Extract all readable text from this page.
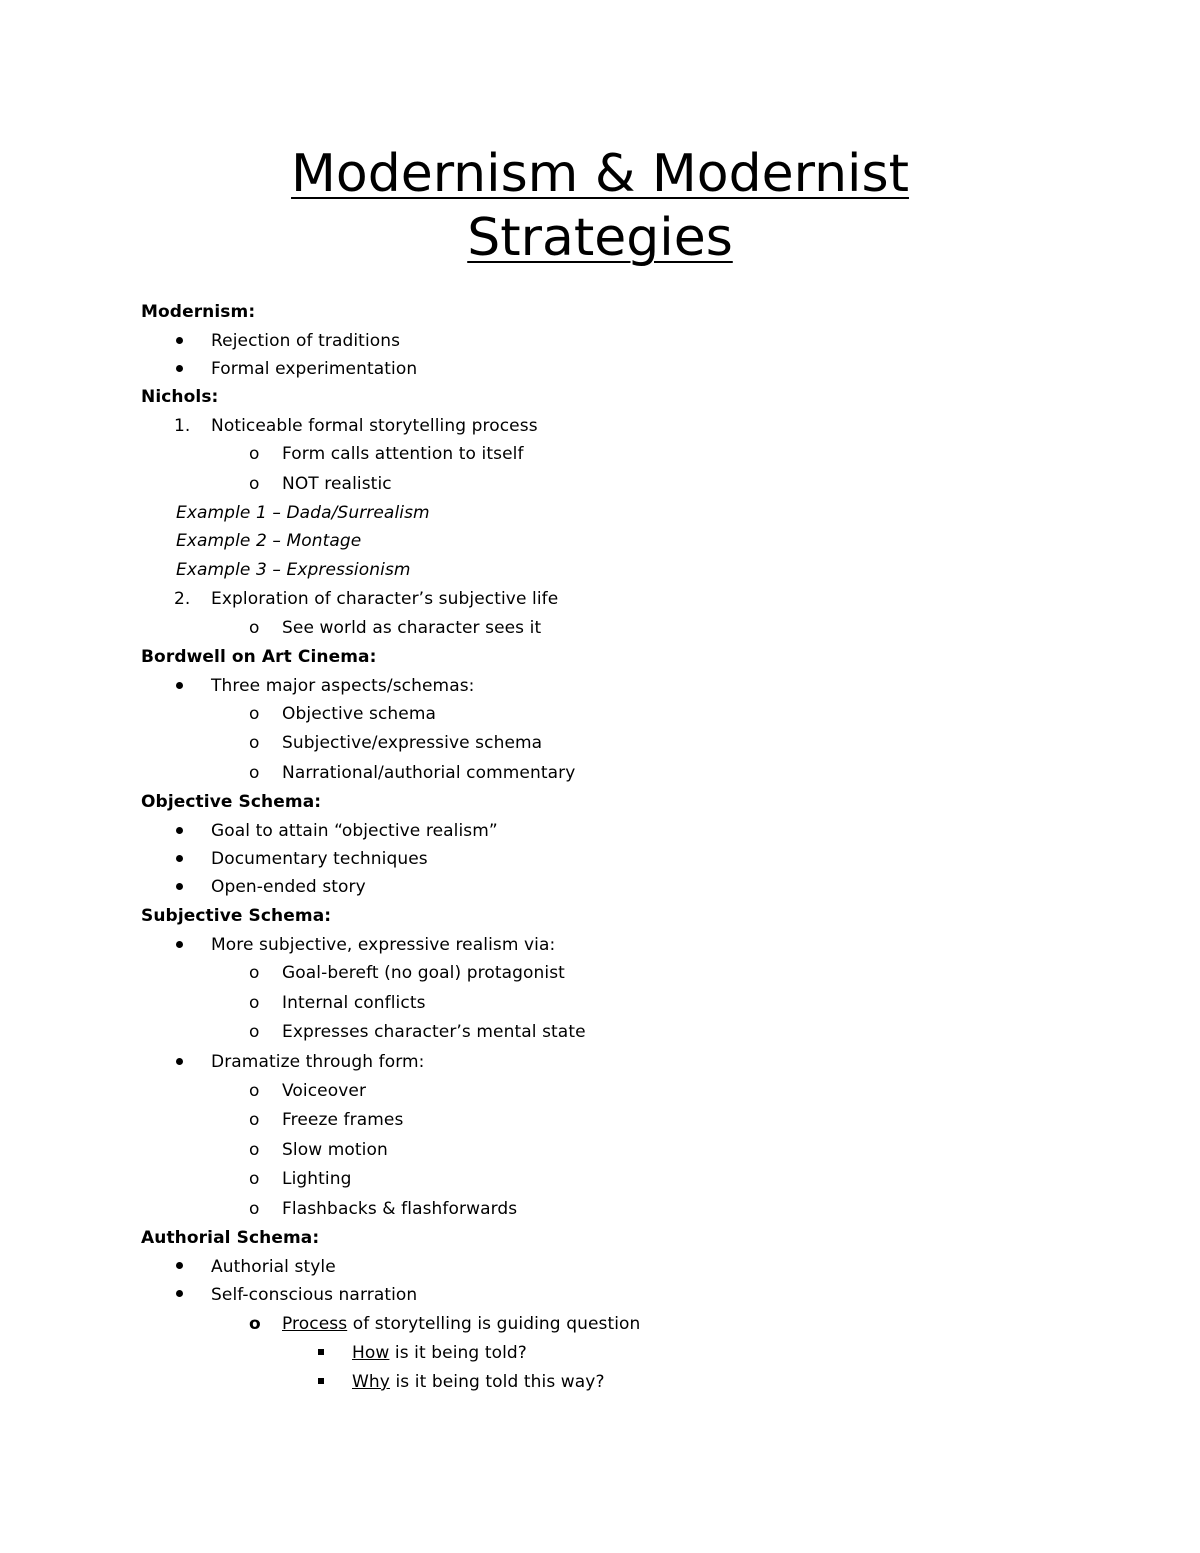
Modernism & Modernist
Strategies
Modernism:
Rejection of traditions
Formal experimentation
Nichols:
1. Noticeable formal storytelling process
o Form calls attention to itself
o NOT realistic
Example 1 – Dada/Surrealism
Example 2 – Montage
Example 3 – Expressionism
2. Exploration of character’s subjective life
o See world as character sees it
Bordwell on Art Cinema:
Three major aspects/schemas:
o Objective schema
o Subjective/expressive schema
o Narrational/authorial commentary
Objective Schema:
Goal to attain “objective realism”
Documentary techniques
Open-ended story
Subjective Schema:
More subjective, expressive realism via:
o Goal-bereft (no goal) protagonist
o Internal conflicts
o Expresses character’s mental state
Dramatize through form:
o Voiceover
o Freeze frames
o Slow motion
o Lighting
o Flashbacks & flashforwards
Authorial Schema:
Authorial style
Self-conscious narration
o Process of storytelling is guiding question
How is it being told?
Why is it being told this way?
